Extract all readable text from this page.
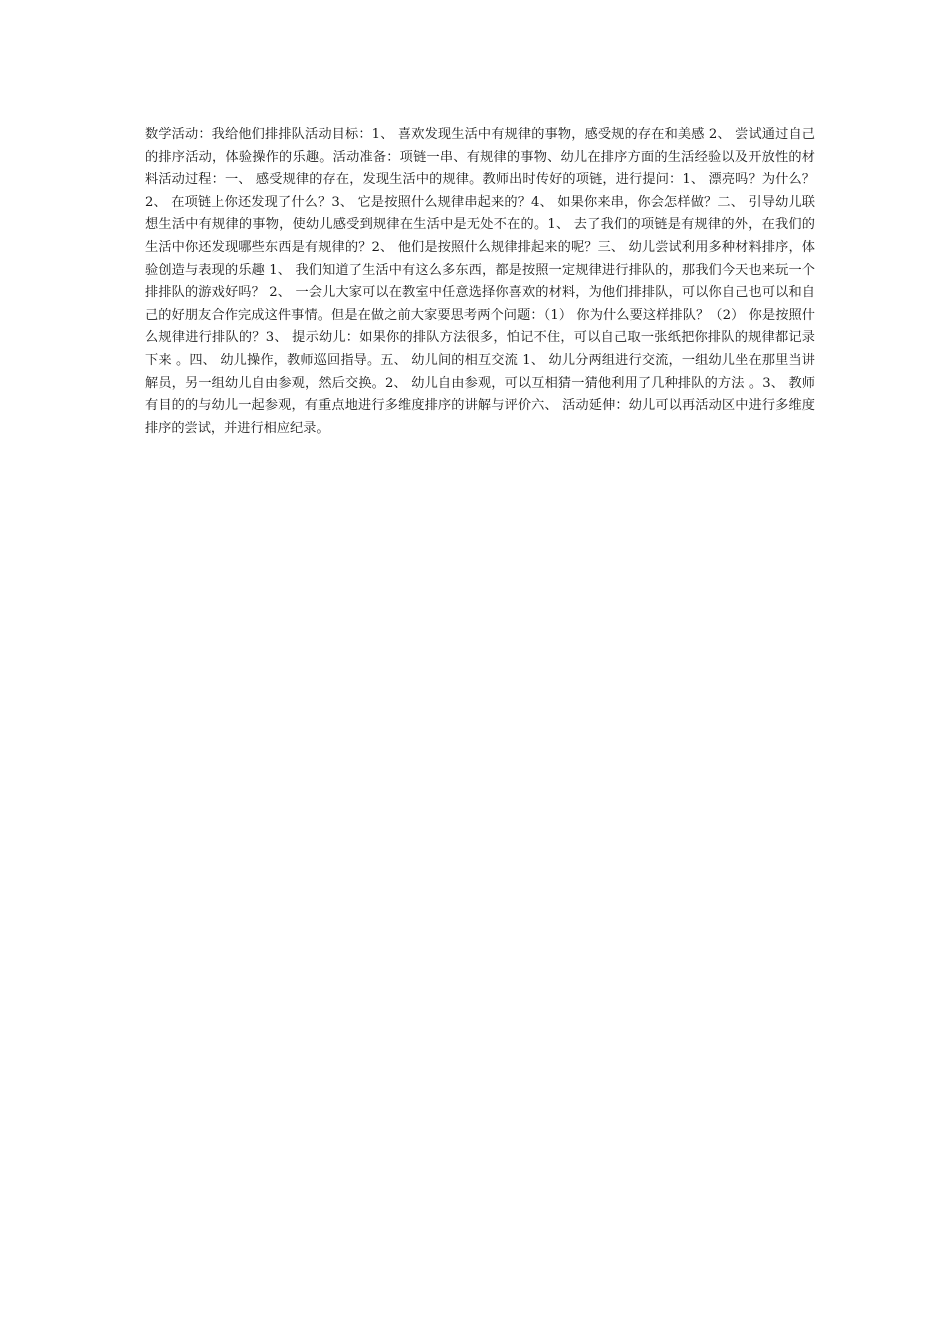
数学活动：我给他们排排队活动目标：1、 喜欢发现生活中有规律的事物，感受规的存在和美感 2、 尝试通过自己的排序活动，体验操作的乐趣。活动准备：项链一串、有规律的事物、幼儿在排序方面的生活经验以及开放性的材料活动过程：一、 感受规律的存在，发现生活中的规律。教师出时传好的项链，进行提问：1、 漂亮吗？为什么？2、 在项链上你还发现了什么？3、 它是按照什么规律串起来的？4、 如果你来串，你会怎样做？二、 引导幼儿联想生活中有规律的事物，使幼儿感受到规律在生活中是无处不在的。1、 去了我们的项链是有规律的外，在我们的生活中你还发现哪些东西是有规律的？2、 他们是按照什么规律排起来的呢？三、 幼儿尝试利用多种材料排序，体验创造与表现的乐趣 1、 我们知道了生活中有这么多东西，都是按照一定规律进行排队的，那我们今天也来玩一个排排队的游戏好吗？ 2、 一会儿大家可以在教室中任意选择你喜欢的材料，为他们排排队，可以你自己也可以和自己的好朋友合作完成这件事情。但是在做之前大家要思考两个问题：（1） 你为什么要这样排队？（2） 你是按照什么规律进行排队的？3、 提示幼儿：如果你的排队方法很多，怕记不住，可以自己取一张纸把你排队的规律都记录下来 。四、 幼儿操作，教师巡回指导。五、 幼儿间的相互交流 1、 幼儿分两组进行交流，一组幼儿坐在那里当讲解员，另一组幼儿自由参观，然后交换。2、 幼儿自由参观，可以互相猜一猜他利用了几种排队的方法 。3、 教师有目的的与幼儿一起参观，有重点地进行多维度排序的讲解与评价六、 活动延伸：幼儿可以再活动区中进行多维度排序的尝试，并进行相应纪录。
